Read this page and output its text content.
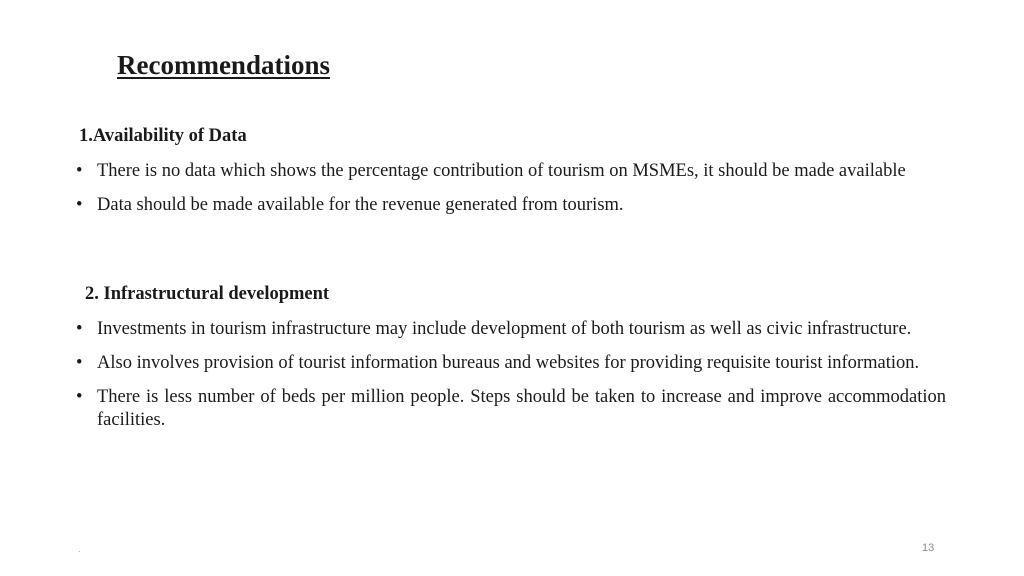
Recommendations
1.Availability of Data
• There is no data which shows the percentage contribution of tourism on MSMEs, it should be made available
• Data should be made available for the revenue generated from tourism.
2. Infrastructural development
• Investments in tourism infrastructure may include development of both tourism as well as civic infrastructure.
• Also involves provision of tourist information bureaus and websites for providing requisite tourist information.
• There is less number of beds per million people. Steps should be taken to increase and improve accommodation facilities.
.	13
